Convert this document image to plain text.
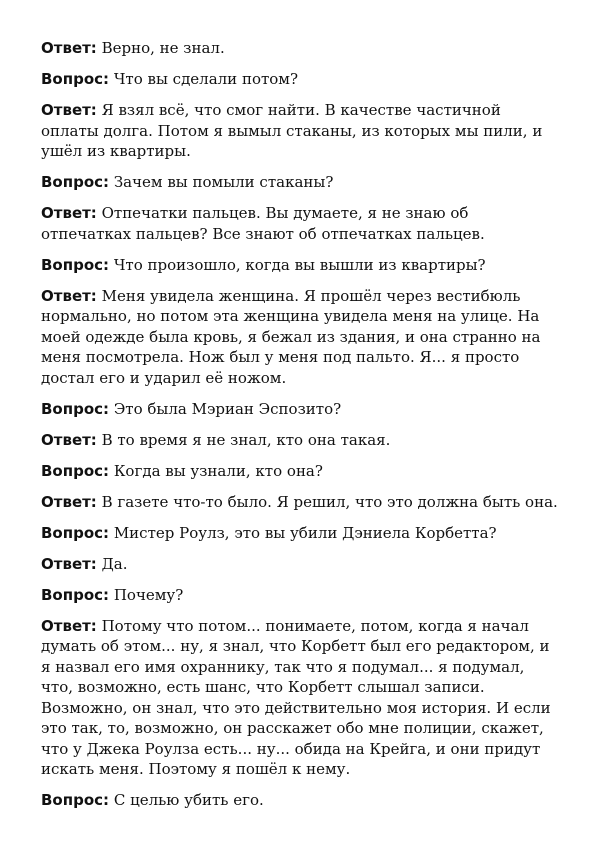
Ответ: Верно, не знал.
Вопрос: Что вы сделали потом?
Ответ: Я взял всё, что смог найти. В качестве частичной оплаты долга. Потом я вымыл стаканы, из которых мы пили, и ушёл из квартиры.
Вопрос: Зачем вы помыли стаканы?
Ответ: Отпечатки пальцев. Вы думаете, я не знаю об отпечатках пальцев? Все знают об отпечатках пальцев.
Вопрос: Что произошло, когда вы вышли из квартиры?
Ответ: Меня увидела женщина. Я прошёл через вестибюль нормально, но потом эта женщина увидела меня на улице. На моей одежде была кровь, я бежал из здания, и она странно на меня посмотрела. Нож был у меня под пальто. Я... я просто достал его и ударил её ножом.
Вопрос: Это была Мэриан Эспозито?
Ответ: В то время я не знал, кто она такая.
Вопрос: Когда вы узнали, кто она?
Ответ: В газете что-то было. Я решил, что это должна быть она.
Вопрос: Мистер Роулз, это вы убили Дэниела Корбетта?
Ответ: Да.
Вопрос: Почему?
Ответ: Потому что потом... понимаете, потом, когда я начал думать об этом... ну, я знал, что Корбетт был его редактором, и я назвал его имя охраннику, так что я подумал... я подумал, что, возможно, есть шанс, что Корбетт слышал записи. Возможно, он знал, что это действительно моя история. И если это так, то, возможно, он расскажет обо мне полиции, скажет, что у Джека Роулза есть... ну... обида на Крейга, и они придут искать меня. Поэтому я пошёл к нему.
Вопрос: С целью убить его.
